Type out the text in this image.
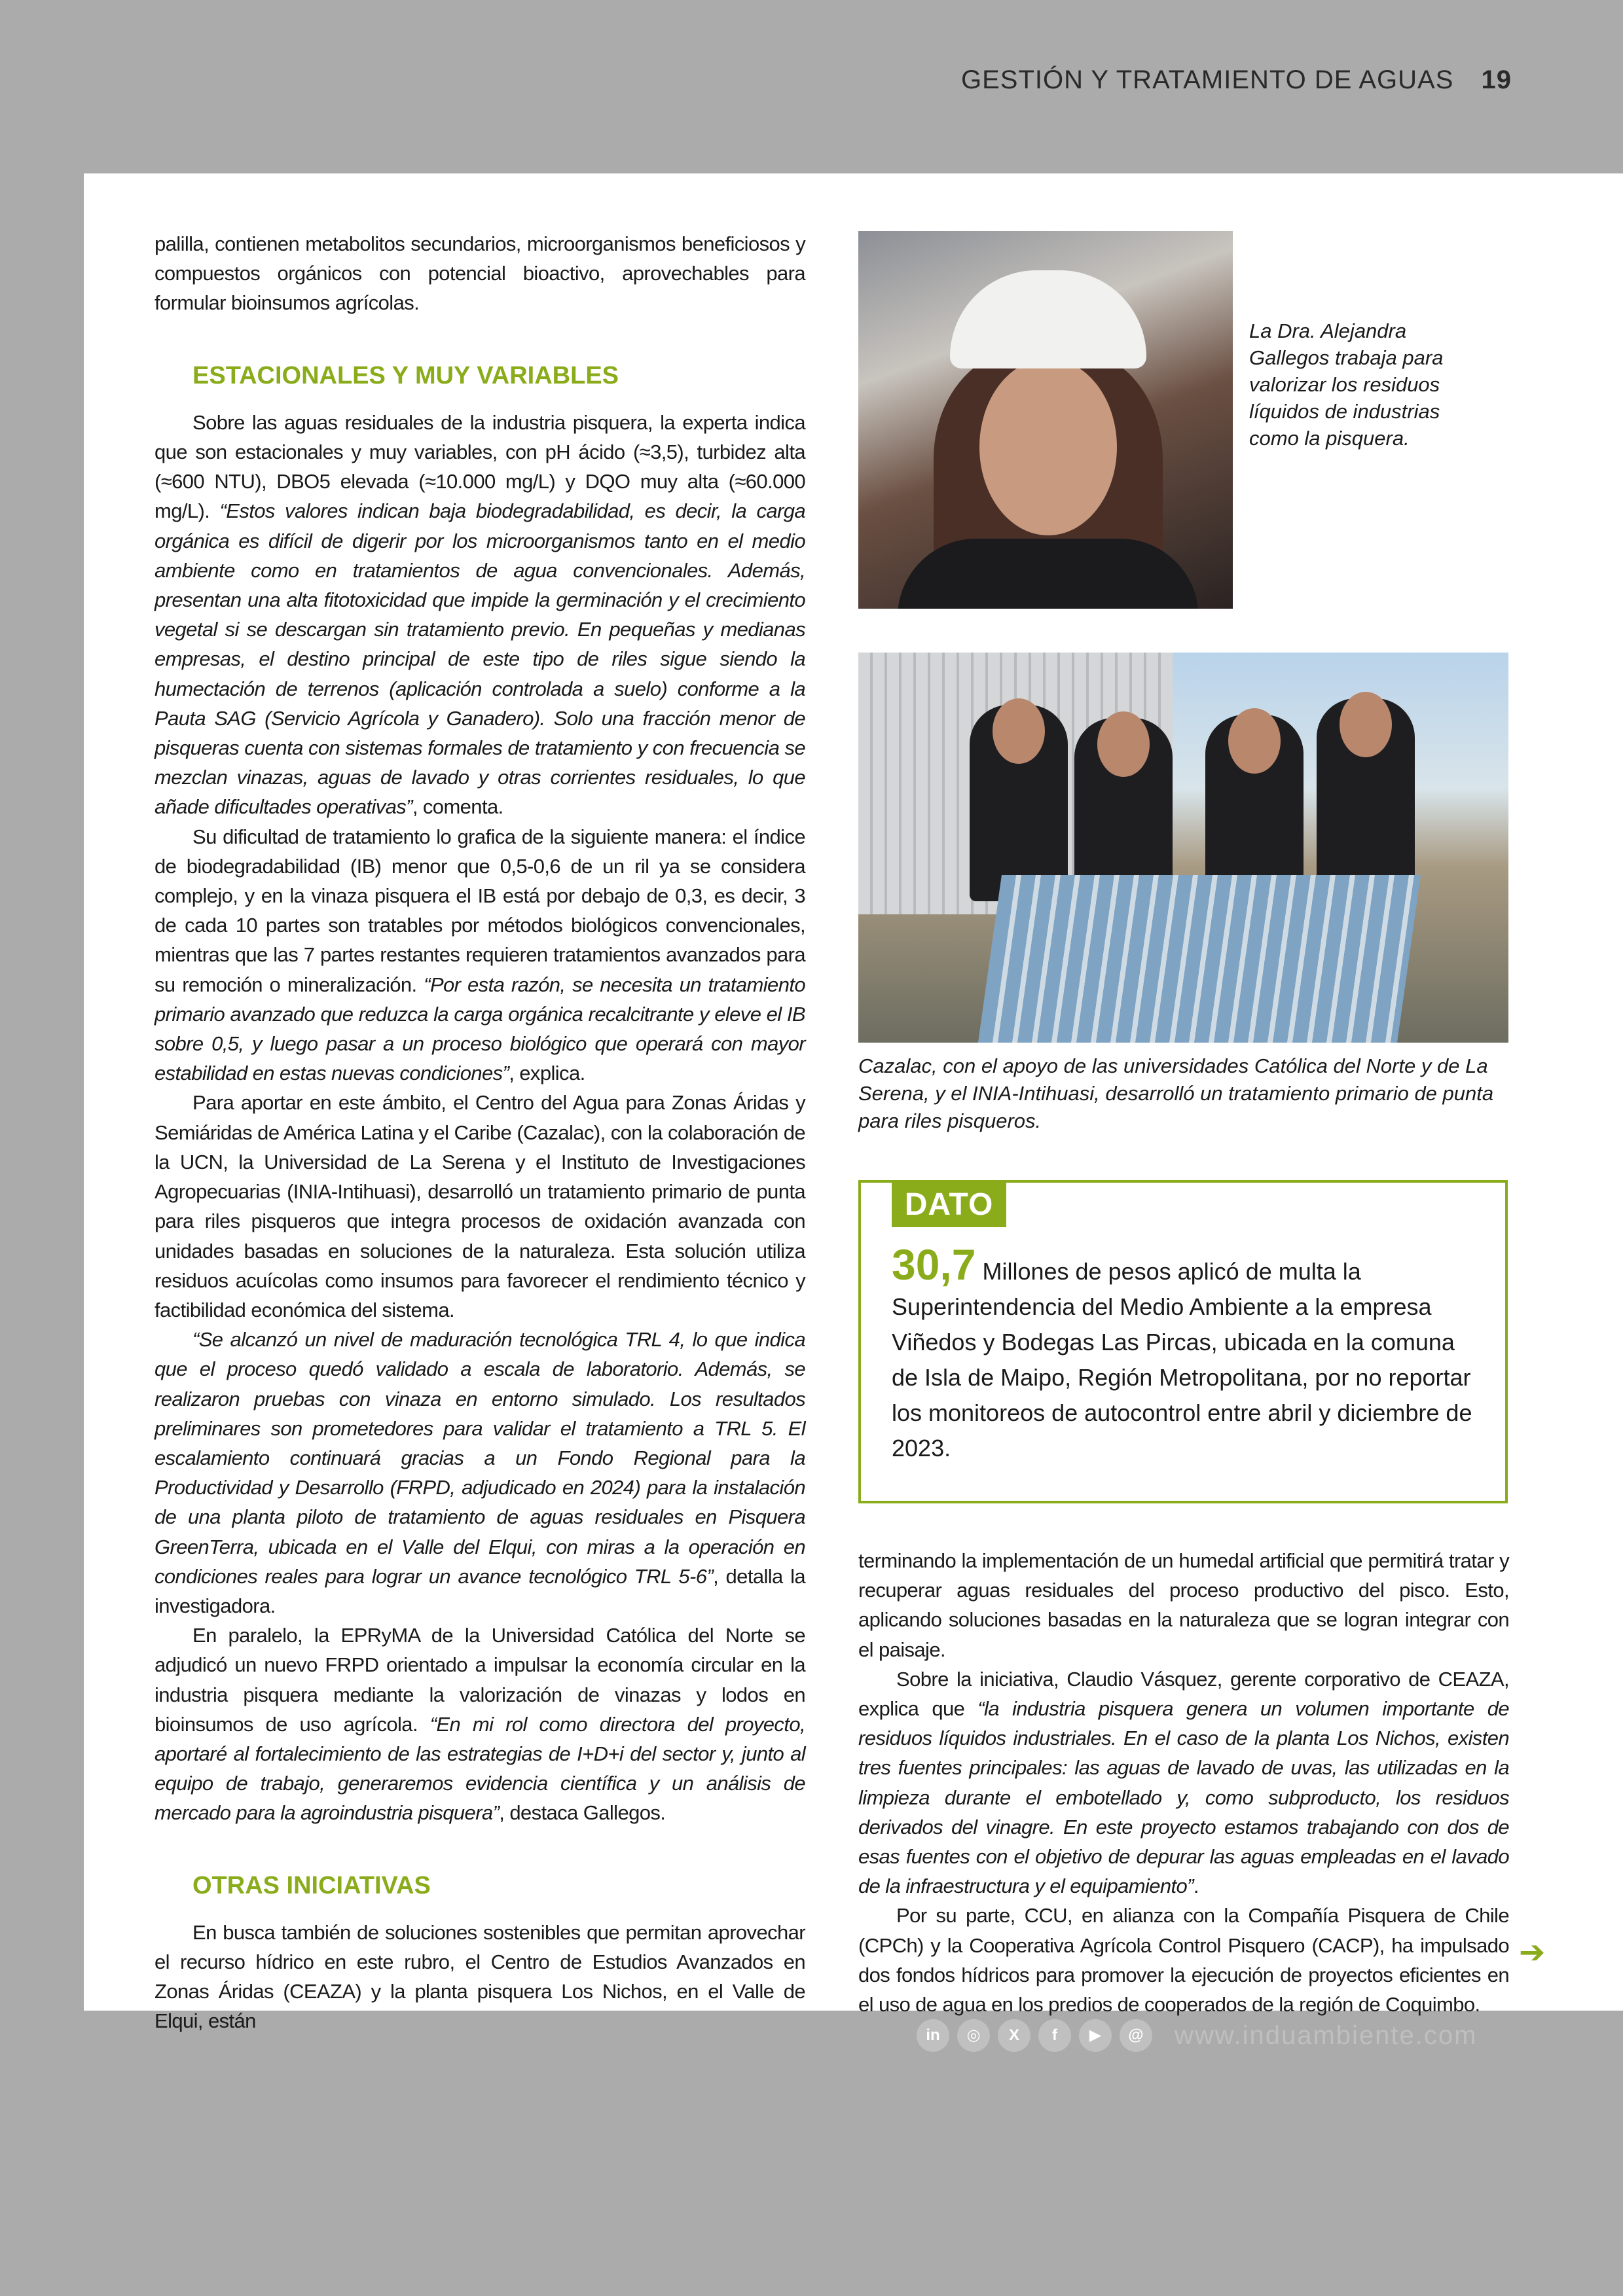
GESTIÓN Y TRATAMIENTO DE AGUAS 19

palilla, contienen metabolitos secundarios, microorganismos beneficiosos y compuestos orgánicos con potencial bioactivo, aprovechables para formular bioinsumos agrícolas.

ESTACIONALES Y MUY VARIABLES

Sobre las aguas residuales de la industria pisquera, la experta indica que son estacionales y muy variables, con pH ácido (≈3,5), turbidez alta (≈600 NTU), DBO5 elevada (≈10.000 mg/L) y DQO muy alta (≈60.000 mg/L). “Estos valores indican baja biodegradabilidad, es decir, la carga orgánica es difícil de digerir por los microorganismos tanto en el medio ambiente como en tratamientos de agua convencionales. Además, presentan una alta fitotoxicidad que impide la germinación y el crecimiento vegetal si se descargan sin tratamiento previo. En pequeñas y medianas empresas, el destino principal de este tipo de riles sigue siendo la humectación de terrenos (aplicación controlada a suelo) conforme a la Pauta SAG (Servicio Agrícola y Ganadero). Solo una fracción menor de pisqueras cuenta con sistemas formales de tratamiento y con frecuencia se mezclan vinazas, aguas de lavado y otras corrientes residuales, lo que añade dificultades operativas”, comenta.

Su dificultad de tratamiento lo grafica de la siguiente manera: el índice de biodegradabilidad (IB) menor que 0,5-0,6 de un ril ya se considera complejo, y en la vinaza pisquera el IB está por debajo de 0,3, es decir, 3 de cada 10 partes son tratables por métodos biológicos convencionales, mientras que las 7 partes restantes requieren tratamientos avanzados para su remoción o mineralización. “Por esta razón, se necesita un tratamiento primario avanzado que reduzca la carga orgánica recalcitrante y eleve el IB sobre 0,5, y luego pasar a un proceso biológico que operará con mayor estabilidad en estas nuevas condiciones”, explica.

Para aportar en este ámbito, el Centro del Agua para Zonas Áridas y Semiáridas de América Latina y el Caribe (Cazalac), con la colaboración de la UCN, la Universidad de La Serena y el Instituto de Investigaciones Agropecuarias (INIA-Intihuasi), desarrolló un tratamiento primario de punta para riles pisqueros que integra procesos de oxidación avanzada con unidades basadas en soluciones de la naturaleza. Esta solución utiliza residuos acuícolas como insumos para favorecer el rendimiento técnico y factibilidad económica del sistema.

“Se alcanzó un nivel de maduración tecnológica TRL 4, lo que indica que el proceso quedó validado a escala de laboratorio. Además, se realizaron pruebas con vinaza en entorno simulado. Los resultados preliminares son prometedores para validar el tratamiento a TRL 5. El escalamiento continuará gracias a un Fondo Regional para la Productividad y Desarrollo (FRPD, adjudicado en 2024) para la instalación de una planta piloto de tratamiento de aguas residuales en Pisquera GreenTerra, ubicada en el Valle del Elqui, con miras a la operación en condiciones reales para lograr un avance tecnológico TRL 5-6”, detalla la investigadora.

En paralelo, la EPRyMA de la Universidad Católica del Norte se adjudicó un nuevo FRPD orientado a impulsar la economía circular en la industria pisquera mediante la valorización de vinazas y lodos en bioinsumos de uso agrícola. “En mi rol como directora del proyecto, aportaré al fortalecimiento de las estrategias de I+D+i del sector y, junto al equipo de trabajo, generaremos evidencia científica y un análisis de mercado para la agroindustria pisquera”, destaca Gallegos.

OTRAS INICIATIVAS

En busca también de soluciones sostenibles que permitan aprovechar el recurso hídrico en este rubro, el Centro de Estudios Avanzados en Zonas Áridas (CEAZA) y la planta pisquera Los Nichos, en el Valle de Elqui, están

La Dra. Alejandra Gallegos trabaja para valorizar los residuos líquidos de industrias como la pisquera.
Cazalac, con el apoyo de las universidades Católica del Norte y de La Serena, y el INIA-Intihuasi, desarrolló un tratamiento primario de punta para riles pisqueros.
DATO
30,7 Millones de pesos aplicó de multa la Superintendencia del Medio Ambiente a la empresa Viñedos y Bodegas Las Pircas, ubicada en la comuna de Isla de Maipo, Región Metropolitana, por no reportar los monitoreos de autocontrol entre abril y diciembre de 2023.

terminando la implementación de un humedal artificial que permitirá tratar y recuperar aguas residuales del proceso productivo del pisco. Esto, aplicando soluciones basadas en la naturaleza que se logran integrar con el paisaje.

Sobre la iniciativa, Claudio Vásquez, gerente corporativo de CEAZA, explica que “la industria pisquera genera un volumen importante de residuos líquidos industriales. En el caso de la planta Los Nichos, existen tres fuentes principales: las aguas de lavado de uvas, las utilizadas en la limpieza durante el embotellado y, como subproducto, los residuos derivados del vinagre. En este proyecto estamos trabajando con dos de esas fuentes con el objetivo de depurar las aguas empleadas en el lavado de la infraestructura y el equipamiento”.

Por su parte, CCU, en alianza con la Compañía Pisquera de Chile (CPCh) y la Cooperativa Agrícola Control Pisquero (CACP), ha impulsado dos fondos hídricos para promover la ejecución de proyectos eficientes en el uso de agua en los predios de cooperados de la región de Coquimbo.

➔
in	◎	X	f	▶	@	www.induambiente.com
